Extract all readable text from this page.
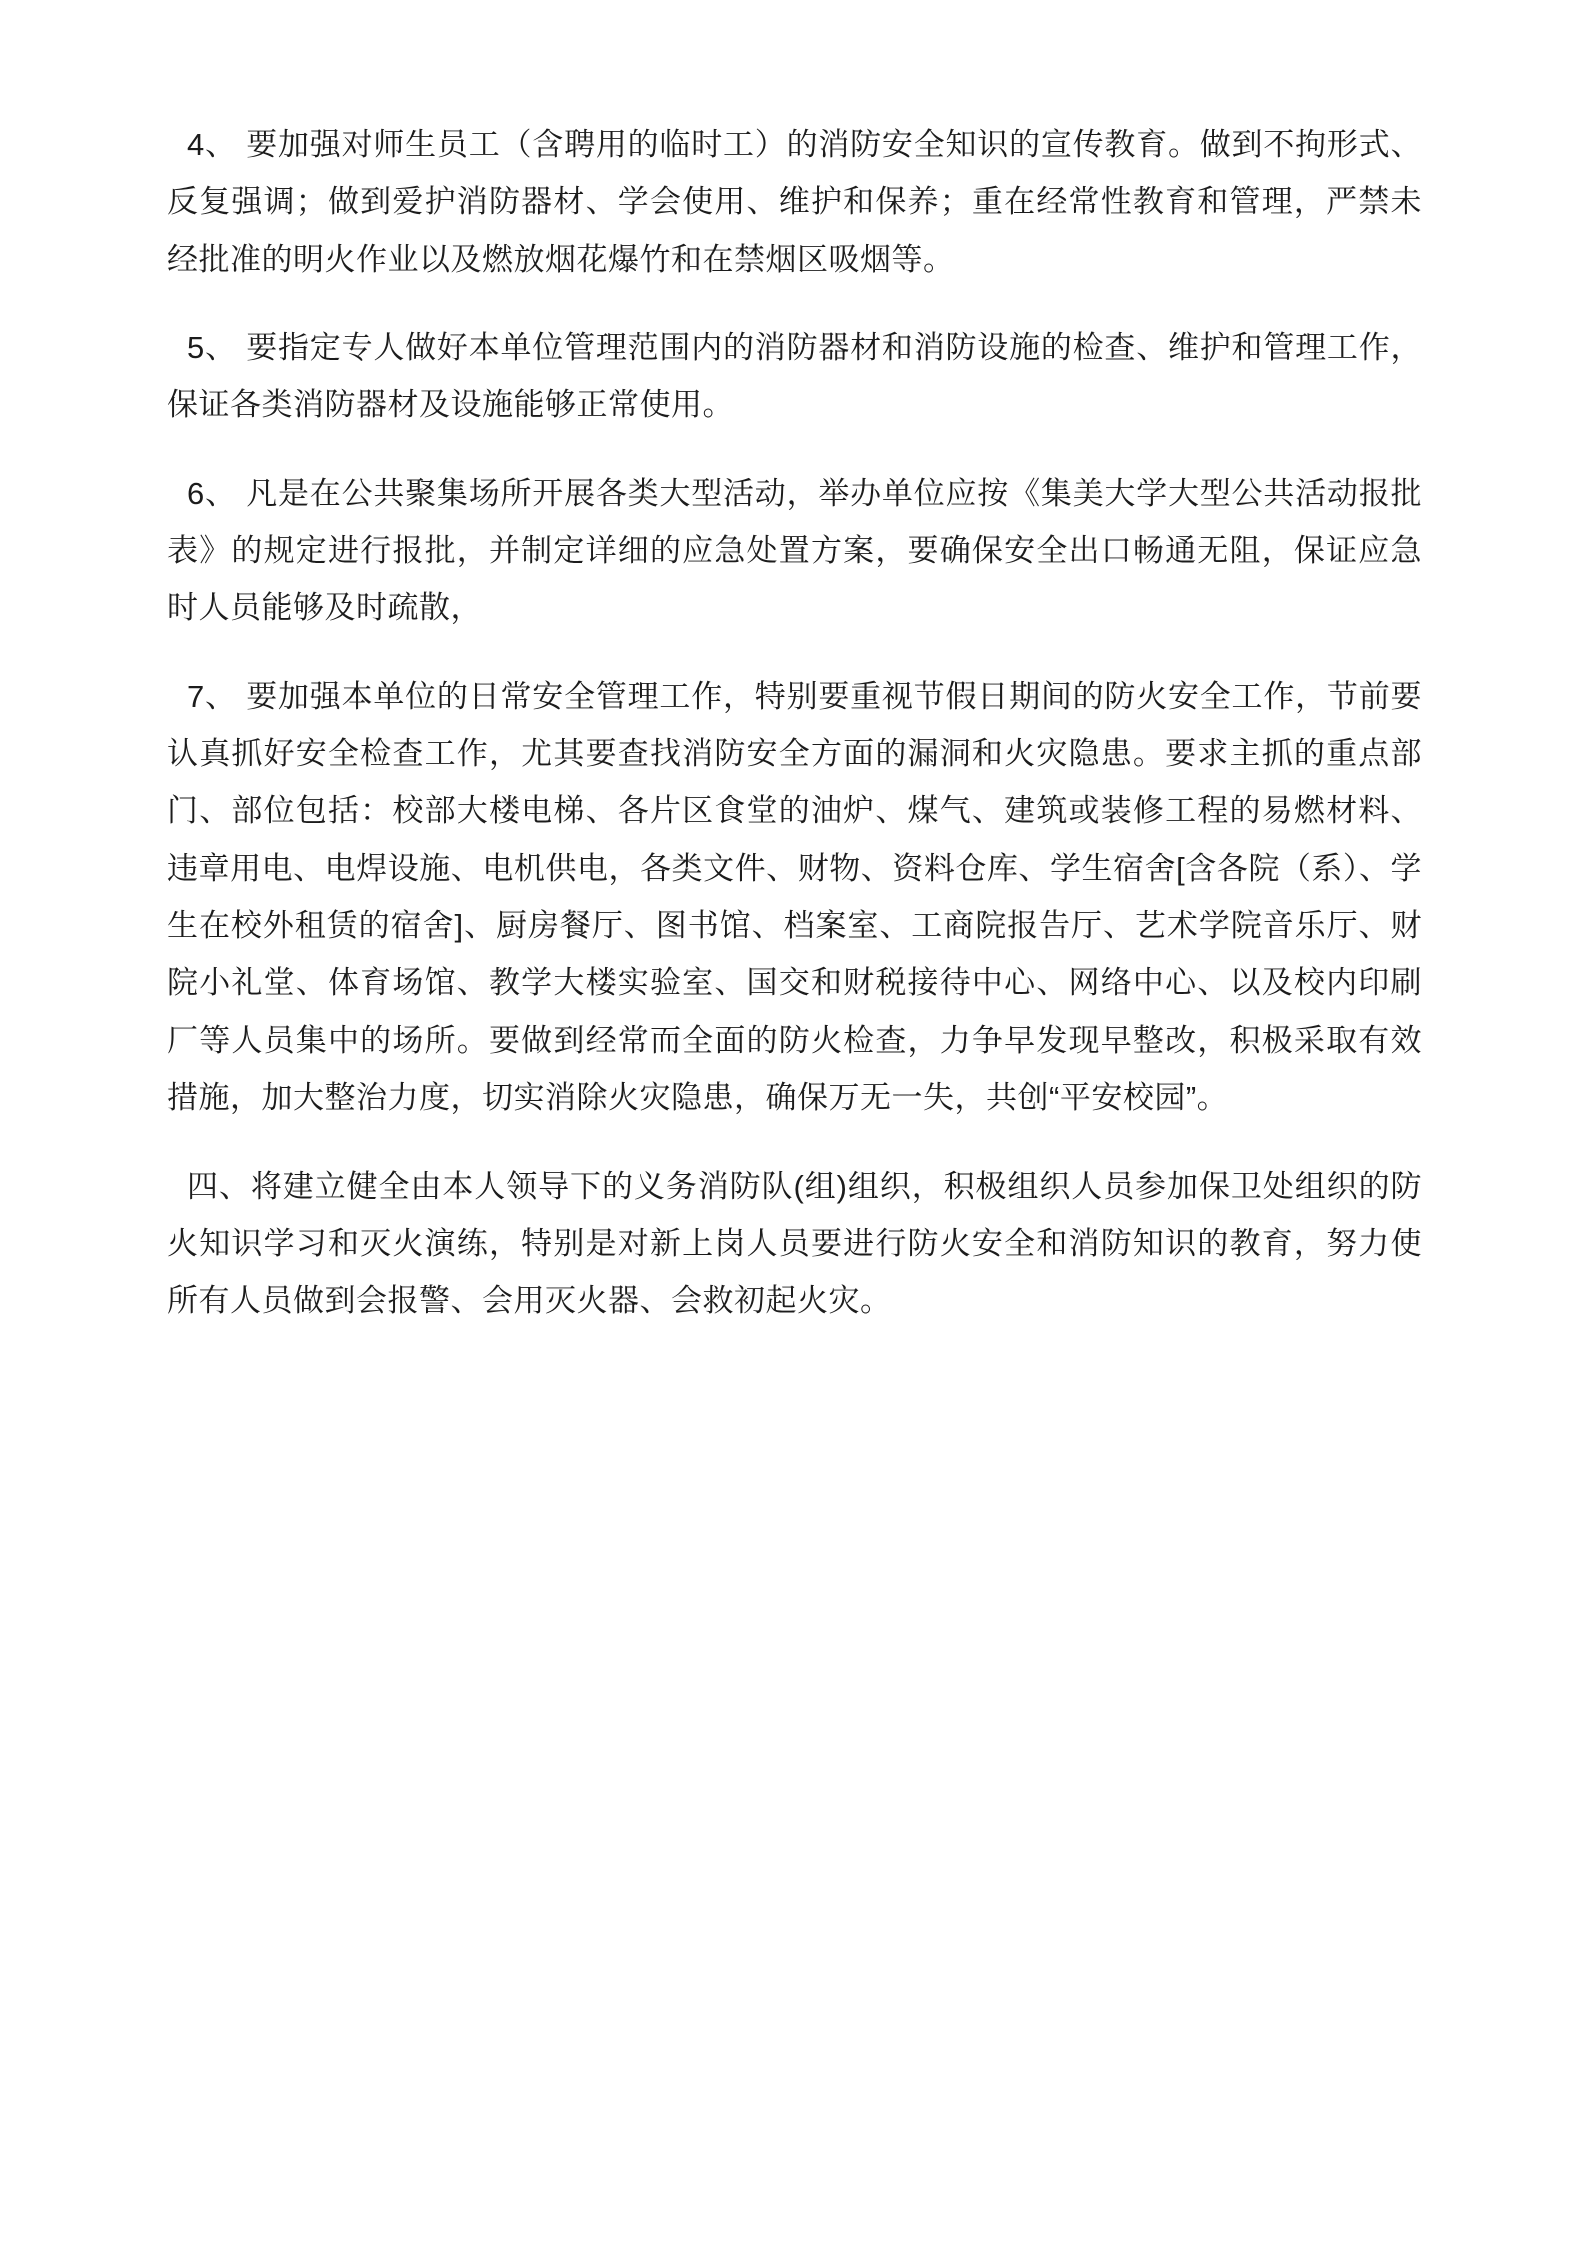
4、 要加强对师生员工（含聘用的临时工）的消防安全知识的宣传教育。做到不拘形式、反复强调；做到爱护消防器材、学会使用、维护和保养；重在经常性教育和管理，严禁未经批准的明火作业以及燃放烟花爆竹和在禁烟区吸烟等。

5、 要指定专人做好本单位管理范围内的消防器材和消防设施的检查、维护和管理工作，保证各类消防器材及设施能够正常使用。

6、 凡是在公共聚集场所开展各类大型活动，举办单位应按《集美大学大型公共活动报批表》的规定进行报批，并制定详细的应急处置方案，要确保安全出口畅通无阻，保证应急时人员能够及时疏散，

7、 要加强本单位的日常安全管理工作，特别要重视节假日期间的防火安全工作，节前要认真抓好安全检查工作，尤其要查找消防安全方面的漏洞和火灾隐患。要求主抓的重点部门、部位包括：校部大楼电梯、各片区食堂的油炉、煤气、建筑或装修工程的易燃材料、违章用电、电焊设施、电机供电，各类文件、财物、资料仓库、学生宿舍[含各院（系）、学生在校外租赁的宿舍]、厨房餐厅、图书馆、档案室、工商院报告厅、艺术学院音乐厅、财院小礼堂、体育场馆、教学大楼实验室、国交和财税接待中心、网络中心、以及校内印刷厂等人员集中的场所。要做到经常而全面的防火检查，力争早发现早整改，积极采取有效措施，加大整治力度，切实消除火灾隐患，确保万无一失，共创“平安校园”。

四、将建立健全由本人领导下的义务消防队(组)组织，积极组织人员参加保卫处组织的防火知识学习和灭火演练，特别是对新上岗人员要进行防火安全和消防知识的教育，努力使所有人员做到会报警、会用灭火器、会救初起火灾。
